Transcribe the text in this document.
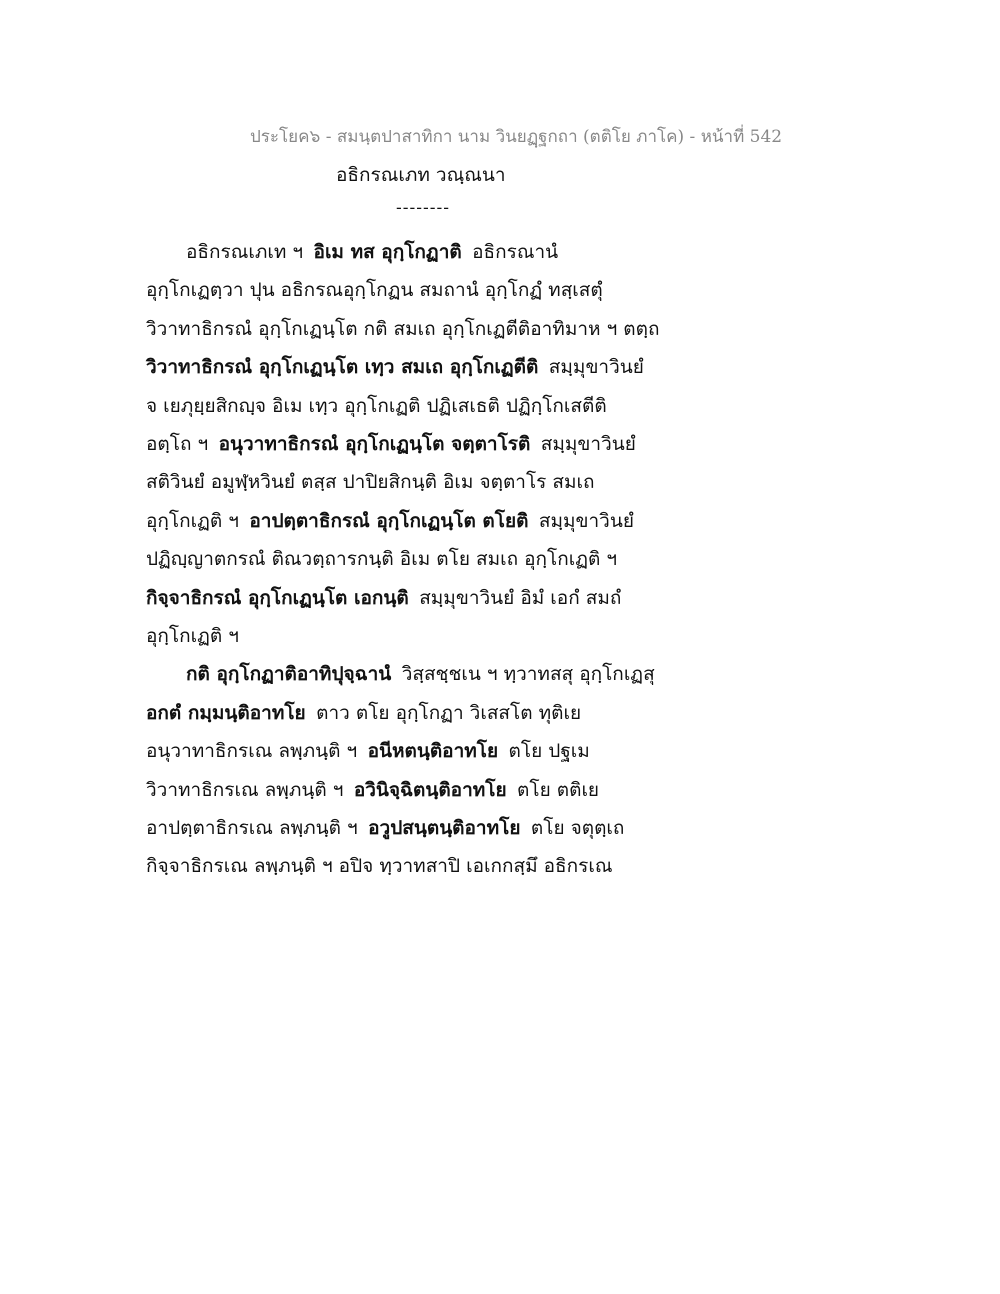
ประโยค๖ - สมนฺตปาสาทิกา นาม วินยฏฺฐกถา (ตติโย ภาโค) - หน้าที่ 542
อธิกรณเภท วณฺณนา
--------
อธิกรณเภเท ฯ อิเม ทส อุกฺโกฏาติ อธิกรณานํ
อุกฺโกเฏตฺวา ปุน อธิกรณอุกฺโกฏน สมถานํ อุกฺโกฏํ ทสฺเสตุํ
วิวาทาธิกรณํ อุกฺโกเฏนฺโต กติ สมเถ อุกฺโกเฏตีติอาทิมาห ฯ ตตฺถ
วิวาทาธิกรณํ อุกฺโกเฏนฺโต เทฺว สมเถ อุกฺโกเฏตีติ สมฺมุขาวินยํ
จ เยภุยฺยสิกญฺจ อิเม เทฺว อุกฺโกเฏติ ปฏิเสเธติ ปฏิกฺโกเสตีติ
อตฺโถ ฯ อนุวาทาธิกรณํ อุกฺโกเฏนฺโต จตฺตาโรติ สมฺมุขาวินยํ
สติวินยํ อมูฬฺหวินยํ ตสฺส ปาปิยสิกนฺติ อิเม จตฺตาโร สมเถ
อุกฺโกเฏติ ฯ อาปตฺตาธิกรณํ อุกฺโกเฏนฺโต ตโยติ สมฺมุขาวินยํ
ปฏิญฺญาตกรณํ ติณวตฺถารกนฺติ อิเม ตโย สมเถ อุกฺโกเฏติ ฯ
กิจฺจาธิกรณํ อุกฺโกเฏนฺโต เอกนฺติ สมฺมุขาวินยํ อิมํ เอกํ สมถํ
อุกฺโกเฏติ ฯ
กติ อุกฺโกฏาติอาทิปุจฺฉานํ วิสฺสชฺชเน ฯ ทฺวาทสสุ อุกฺโกเฏสุ
อกตํ กมฺมนฺติอาทโย ตาว ตโย อุกฺโกฏา วิเสสโต ทุติเย
อนุวาทาธิกรเณ ลพฺภนฺติ ฯ อนีหตนฺติอาทโย ตโย ปฐเม
วิวาทาธิกรเณ ลพฺภนฺติ ฯ อวินิจฺฉิตนฺติอาทโย ตโย ตติเย
อาปตฺตาธิกรเณ ลพฺภนฺติ ฯ อวูปสนฺตนฺติอาทโย ตโย จตุตฺเถ
กิจฺจาธิกรเณ ลพฺภนฺติ ฯ อปิจ ทฺวาทสาปิ เอเกกสฺมึ อธิกรเณ
